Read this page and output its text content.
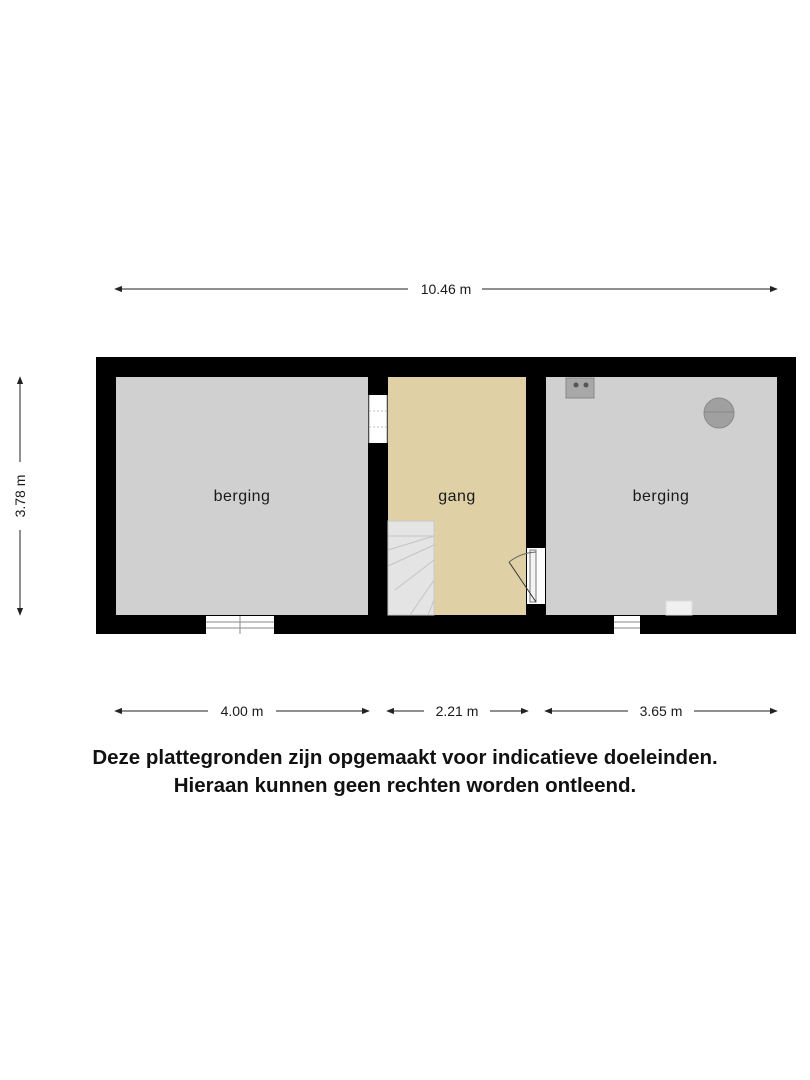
10.46 m
3.78 m	berging	gang	berging
4.00 m	2.21 m	3.65 m
Deze plattegronden zijn opgemaakt voor indicatieve doeleinden.
Hieraan kunnen geen rechten worden ontleend.
